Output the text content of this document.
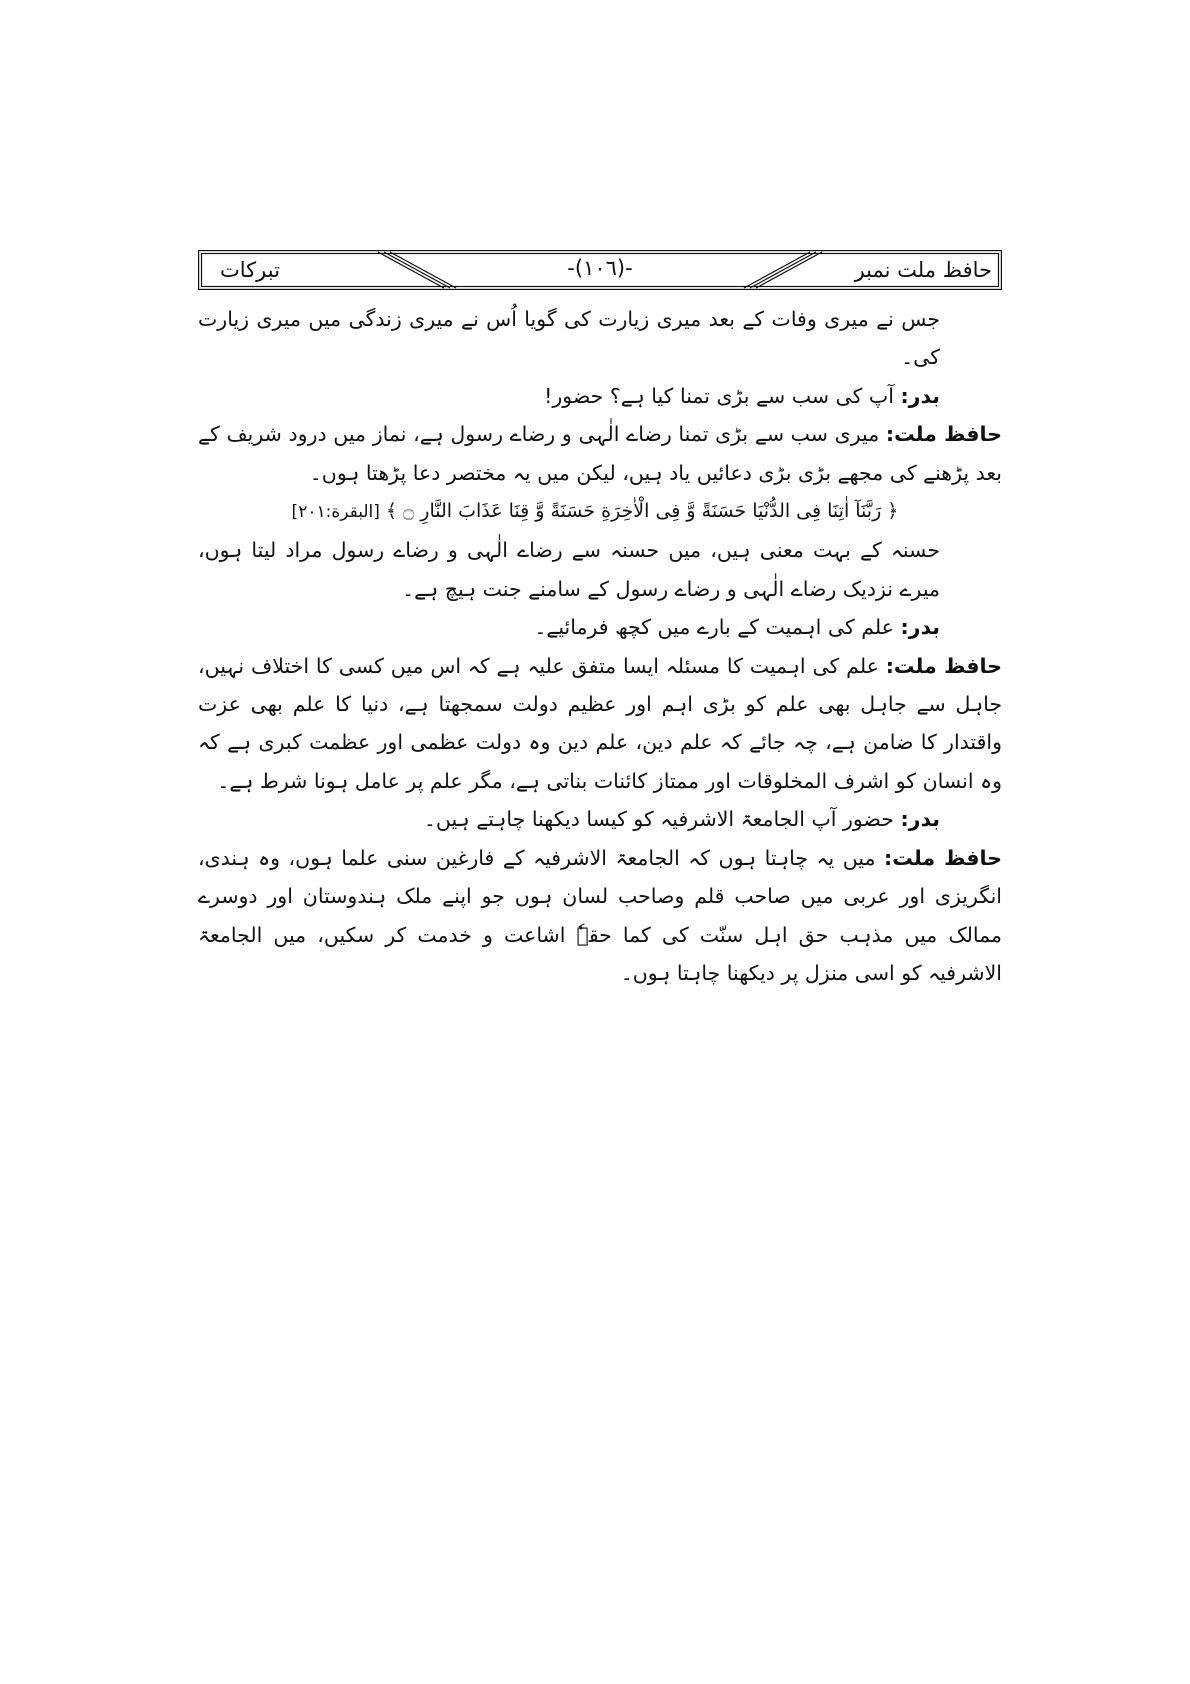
حافظ ملت نمبر
-(١٠٦)-
تبرکات

جس نے میری وفات کے بعد میری زیارت کی گویا اُس نے میری زندگی میں میری زیارت کی۔

بدر: آپ کی سب سے بڑی تمنا کیا ہے؟ حضور!

حافظ ملت: میری سب سے بڑی تمنا رضاے الٰہی و رضاے رسول ہے، نماز میں درود شریف کے بعد پڑھنے کی مجھے بڑی بڑی دعائیں یاد ہیں، لیکن میں یہ مختصر دعا پڑھتا ہوں۔

﴿ رَبَّنَآ اٰتِنَا فِی الدُّنْیَا حَسَنَةً وَّ فِی الْاٰخِرَةِ حَسَنَةً وَّ قِنَا عَذَابَ النَّارِ ۝ ﴾ [البقرة:٢٠١]

حسنہ کے بہت معنی ہیں، میں حسنہ سے رضاے الٰہی و رضاے رسول مراد لیتا ہوں، میرے نزدیک رضاے الٰہی و رضاے رسول کے سامنے جنت ہیچ ہے۔

بدر: علم کی اہمیت کے بارے میں کچھ فرمائیے۔

حافظ ملت: علم کی اہمیت کا مسئلہ ایسا متفق علیہ ہے کہ اس میں کسی کا اختلاف نہیں، جاہل سے جاہل بھی علم کو بڑی اہم اور عظیم دولت سمجھتا ہے، دنیا کا علم بھی عزت واقتدار کا ضامن ہے، چہ جائے کہ علم دین، علم دین وہ دولت عظمی اور عظمت کبری ہے کہ وہ انسان کو اشرف المخلوقات اور ممتاز کائنات بناتی ہے، مگر علم پر عامل ہونا شرط ہے۔

بدر: حضور آپ الجامعۃ الاشرفیہ کو کیسا دیکھنا چاہتے ہیں۔

حافظ ملت: میں یہ چاہتا ہوں کہ الجامعۃ الاشرفیہ کے فارغین سنی علما ہوں، وہ ہندی، انگریزی اور عربی میں صاحب قلم وصاحب لسان ہوں جو اپنے ملک ہندوستان اور دوسرے ممالک میں مذہب حق اہل سنّت کی کما حقہٗ اشاعت و خدمت کر سکیں، میں الجامعۃ الاشرفیہ کو اسی منزل پر دیکھنا چاہتا ہوں۔
